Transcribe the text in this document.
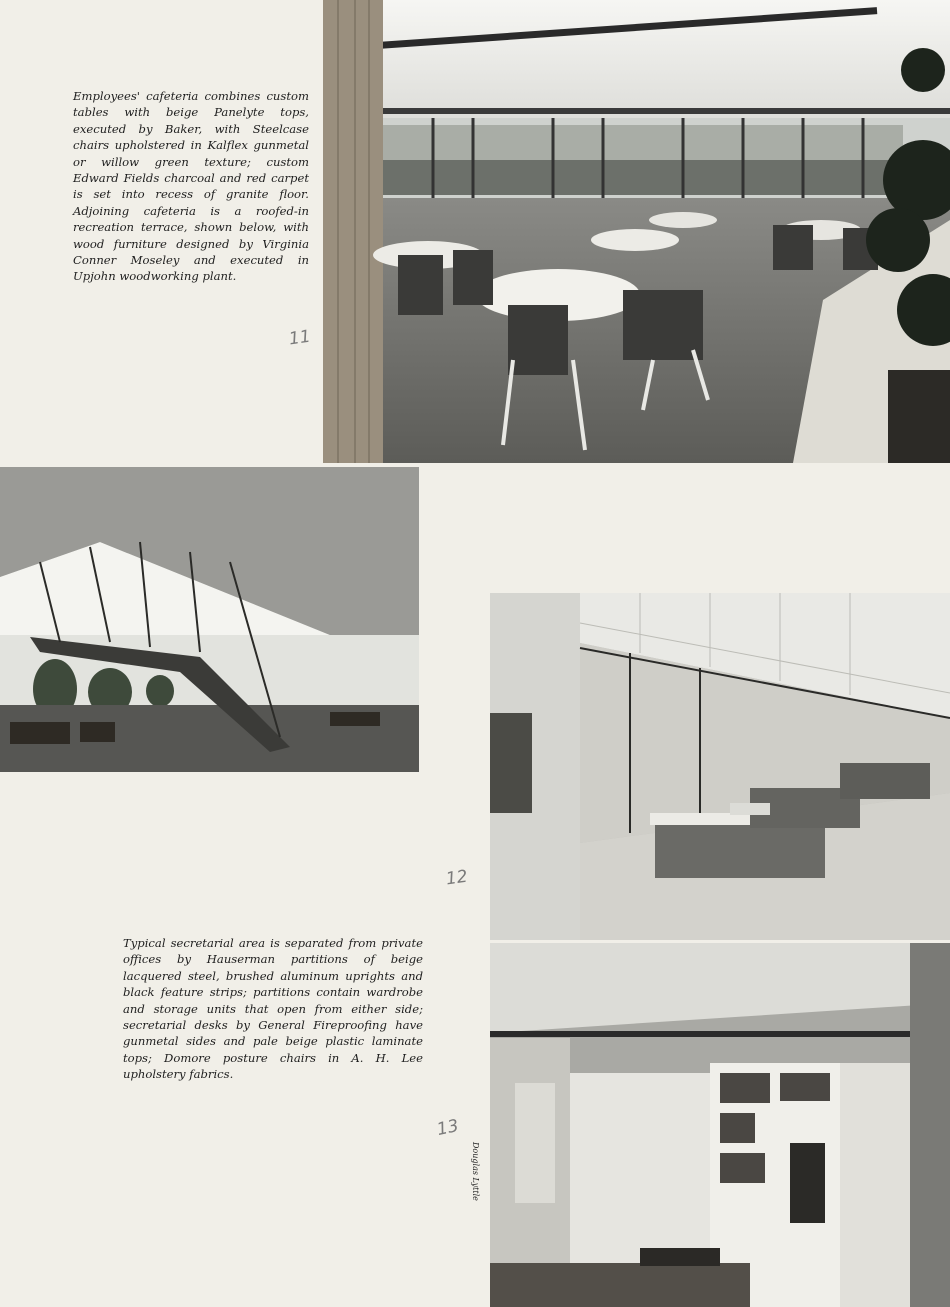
Employees' cafeteria combines custom tables with beige Panelyte tops, executed by Baker, with Steelcase chairs upholstered in Kalflex gunmetal or willow green texture; custom Edward Fields charcoal and red carpet is set into recess of granite floor. Adjoining cafeteria is a roofed-in recreation terrace, shown below, with wood furniture designed by Virginia Conner Moseley and executed in Upjohn woodworking plant.

Typical secretarial area is separated from private offices by Hauserman partitions of beige lacquered steel, brushed aluminum uprights and black feature strips; partitions contain wardrobe and storage units that open from either side; secretarial desks by General Fireproofing have gunmetal sides and pale beige plastic laminate tops; Domore posture chairs in A. H. Lee upholstery fabrics.

11
12
13
Douglas Lyttle
